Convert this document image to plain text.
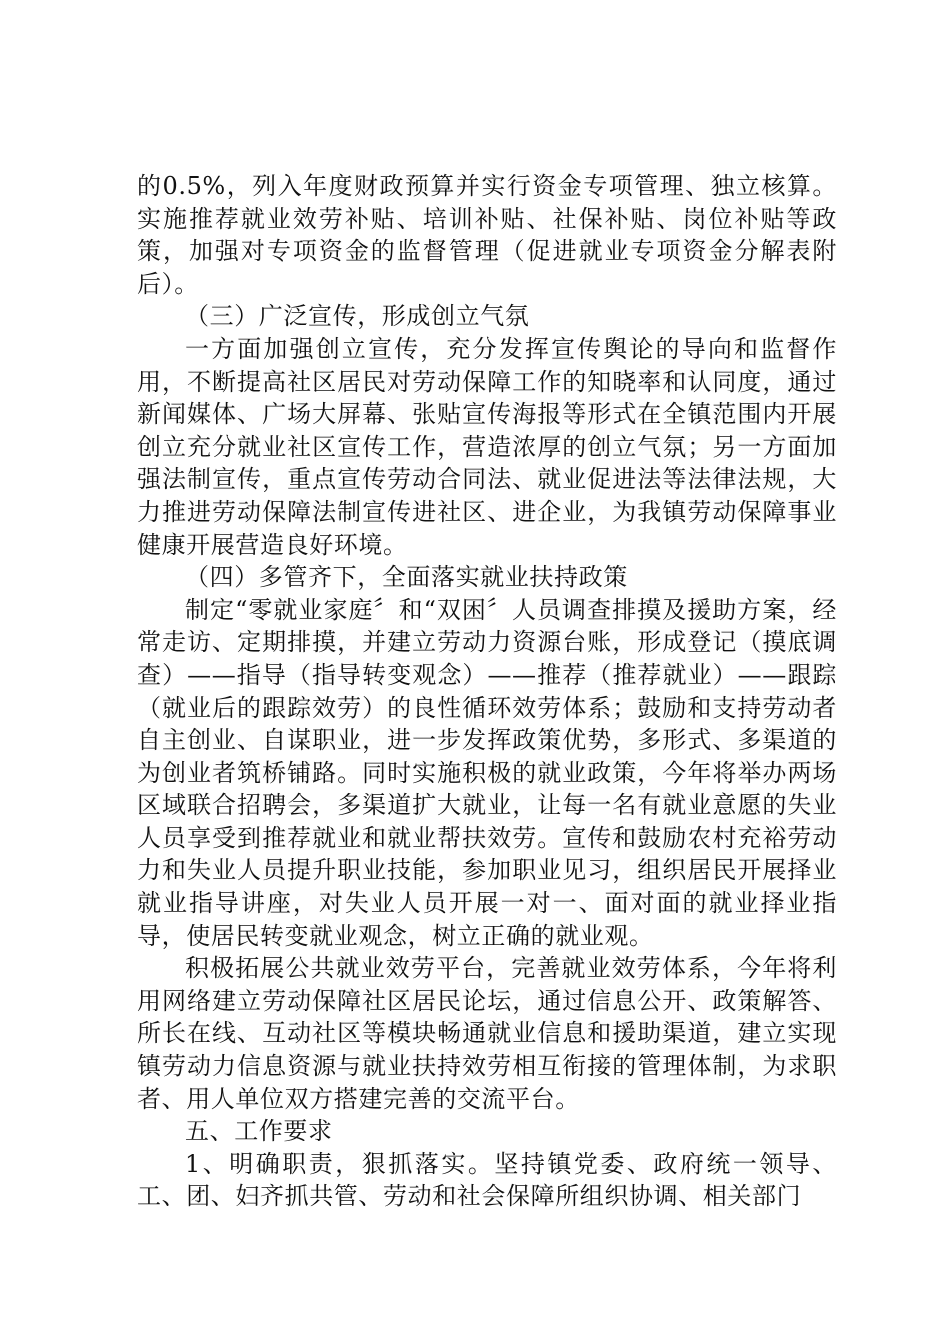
的0.5%，列入年度财政预算并实行资金专项管理、独立核算。实施推荐就业效劳补贴、培训补贴、社保补贴、岗位补贴等政策，加强对专项资金的监督管理（促进就业专项资金分解表附后）。

（三）广泛宣传，形成创立气氛

一方面加强创立宣传，充分发挥宣传舆论的导向和监督作用，不断提高社区居民对劳动保障工作的知晓率和认同度，通过新闻媒体、广场大屏幕、张贴宣传海报等形式在全镇范围内开展创立充分就业社区宣传工作，营造浓厚的创立气氛；另一方面加强法制宣传，重点宣传劳动合同法、就业促进法等法律法规，大力推进劳动保障法制宣传进社区、进企业，为我镇劳动保障事业健康开展营造良好环境。

（四）多管齐下，全面落实就业扶持政策

制定“零就业家庭〞和“双困〞人员调查排摸及援助方案，经常走访、定期排摸，并建立劳动力资源台账，形成登记（摸底调查）——指导（指导转变观念）——推荐（推荐就业）——跟踪（就业后的跟踪效劳）的良性循环效劳体系；鼓励和支持劳动者自主创业、自谋职业，进一步发挥政策优势，多形式、多渠道的为创业者筑桥铺路。同时实施积极的就业政策，今年将举办两场区域联合招聘会，多渠道扩大就业，让每一名有就业意愿的失业人员享受到推荐就业和就业帮扶效劳。宣传和鼓励农村充裕劳动力和失业人员提升职业技能，参加职业见习，组织居民开展择业就业指导讲座，对失业人员开展一对一、面对面的就业择业指导，使居民转变就业观念，树立正确的就业观。

积极拓展公共就业效劳平台，完善就业效劳体系，今年将利用网络建立劳动保障社区居民论坛，通过信息公开、政策解答、所长在线、互动社区等模块畅通就业信息和援助渠道，建立实现镇劳动力信息资源与就业扶持效劳相互衔接的管理体制，为求职者、用人单位双方搭建完善的交流平台。

五、工作要求

1、明确职责，狠抓落实。坚持镇党委、政府统一领导、工、团、妇齐抓共管、劳动和社会保障所组织协调、相关部门
